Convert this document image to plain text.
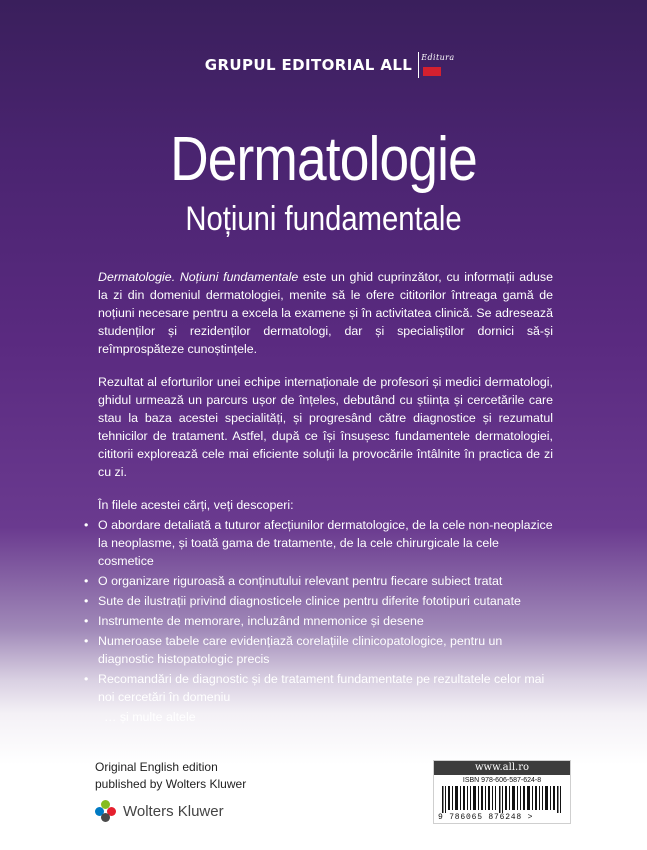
GRUPUL EDITORIAL ALL Editura
Dermatologie
Noțiuni fundamentale

Dermatologie. Noțiuni fundamentale este un ghid cuprinzător, cu informații aduse la zi din domeniul dermatologiei, menite să le ofere cititorilor întreaga gamă de noțiuni necesare pentru a excela la examene și în activitatea clinică. Se adresează studenților și rezidenților dermatologi, dar și specialiștilor dornici să-și reîmprospăteze cunoștințele.

Rezultat al eforturilor unei echipe internaționale de profesori și medici dermatologi, ghidul urmează un parcurs ușor de înțeles, debutând cu știința și cercetările care stau la baza acestei specialități, și progresând către diagnostice și rezumatul tehnicilor de tratament. Astfel, după ce își însușesc fundamentele dermatologiei, cititorii explorează cele mai eficiente soluții la provocările întâlnite în practica de zi cu zi.

În filele acestei cărți, veți descoperi:

• O abordare detaliată a tuturor afecțiunilor dermatologice, de la cele non-neoplazice la neoplasme, și toată gama de tratamente, de la cele chirurgicale la cele cosmetice
• O organizare riguroasă a conținutului relevant pentru fiecare subiect tratat
• Sute de ilustrații privind diagnosticele clinice pentru diferite fototipuri cutanate
• Instrumente de memorare, incluzând mnemonice și desene
• Numeroase tabele care evidențiază corelațiile clinicopatologice, pentru un diagnostic histopatologic precis
• Recomandări de diagnostic și de tratament fundamentate pe rezultatele celor mai noi cercetări în domeniu
… și multe altele
Original English edition
published by Wolters Kluwer
Wolters Kluwer
www.all.ro
ISBN 978-606-587-624-8
9 786065 876248 >
